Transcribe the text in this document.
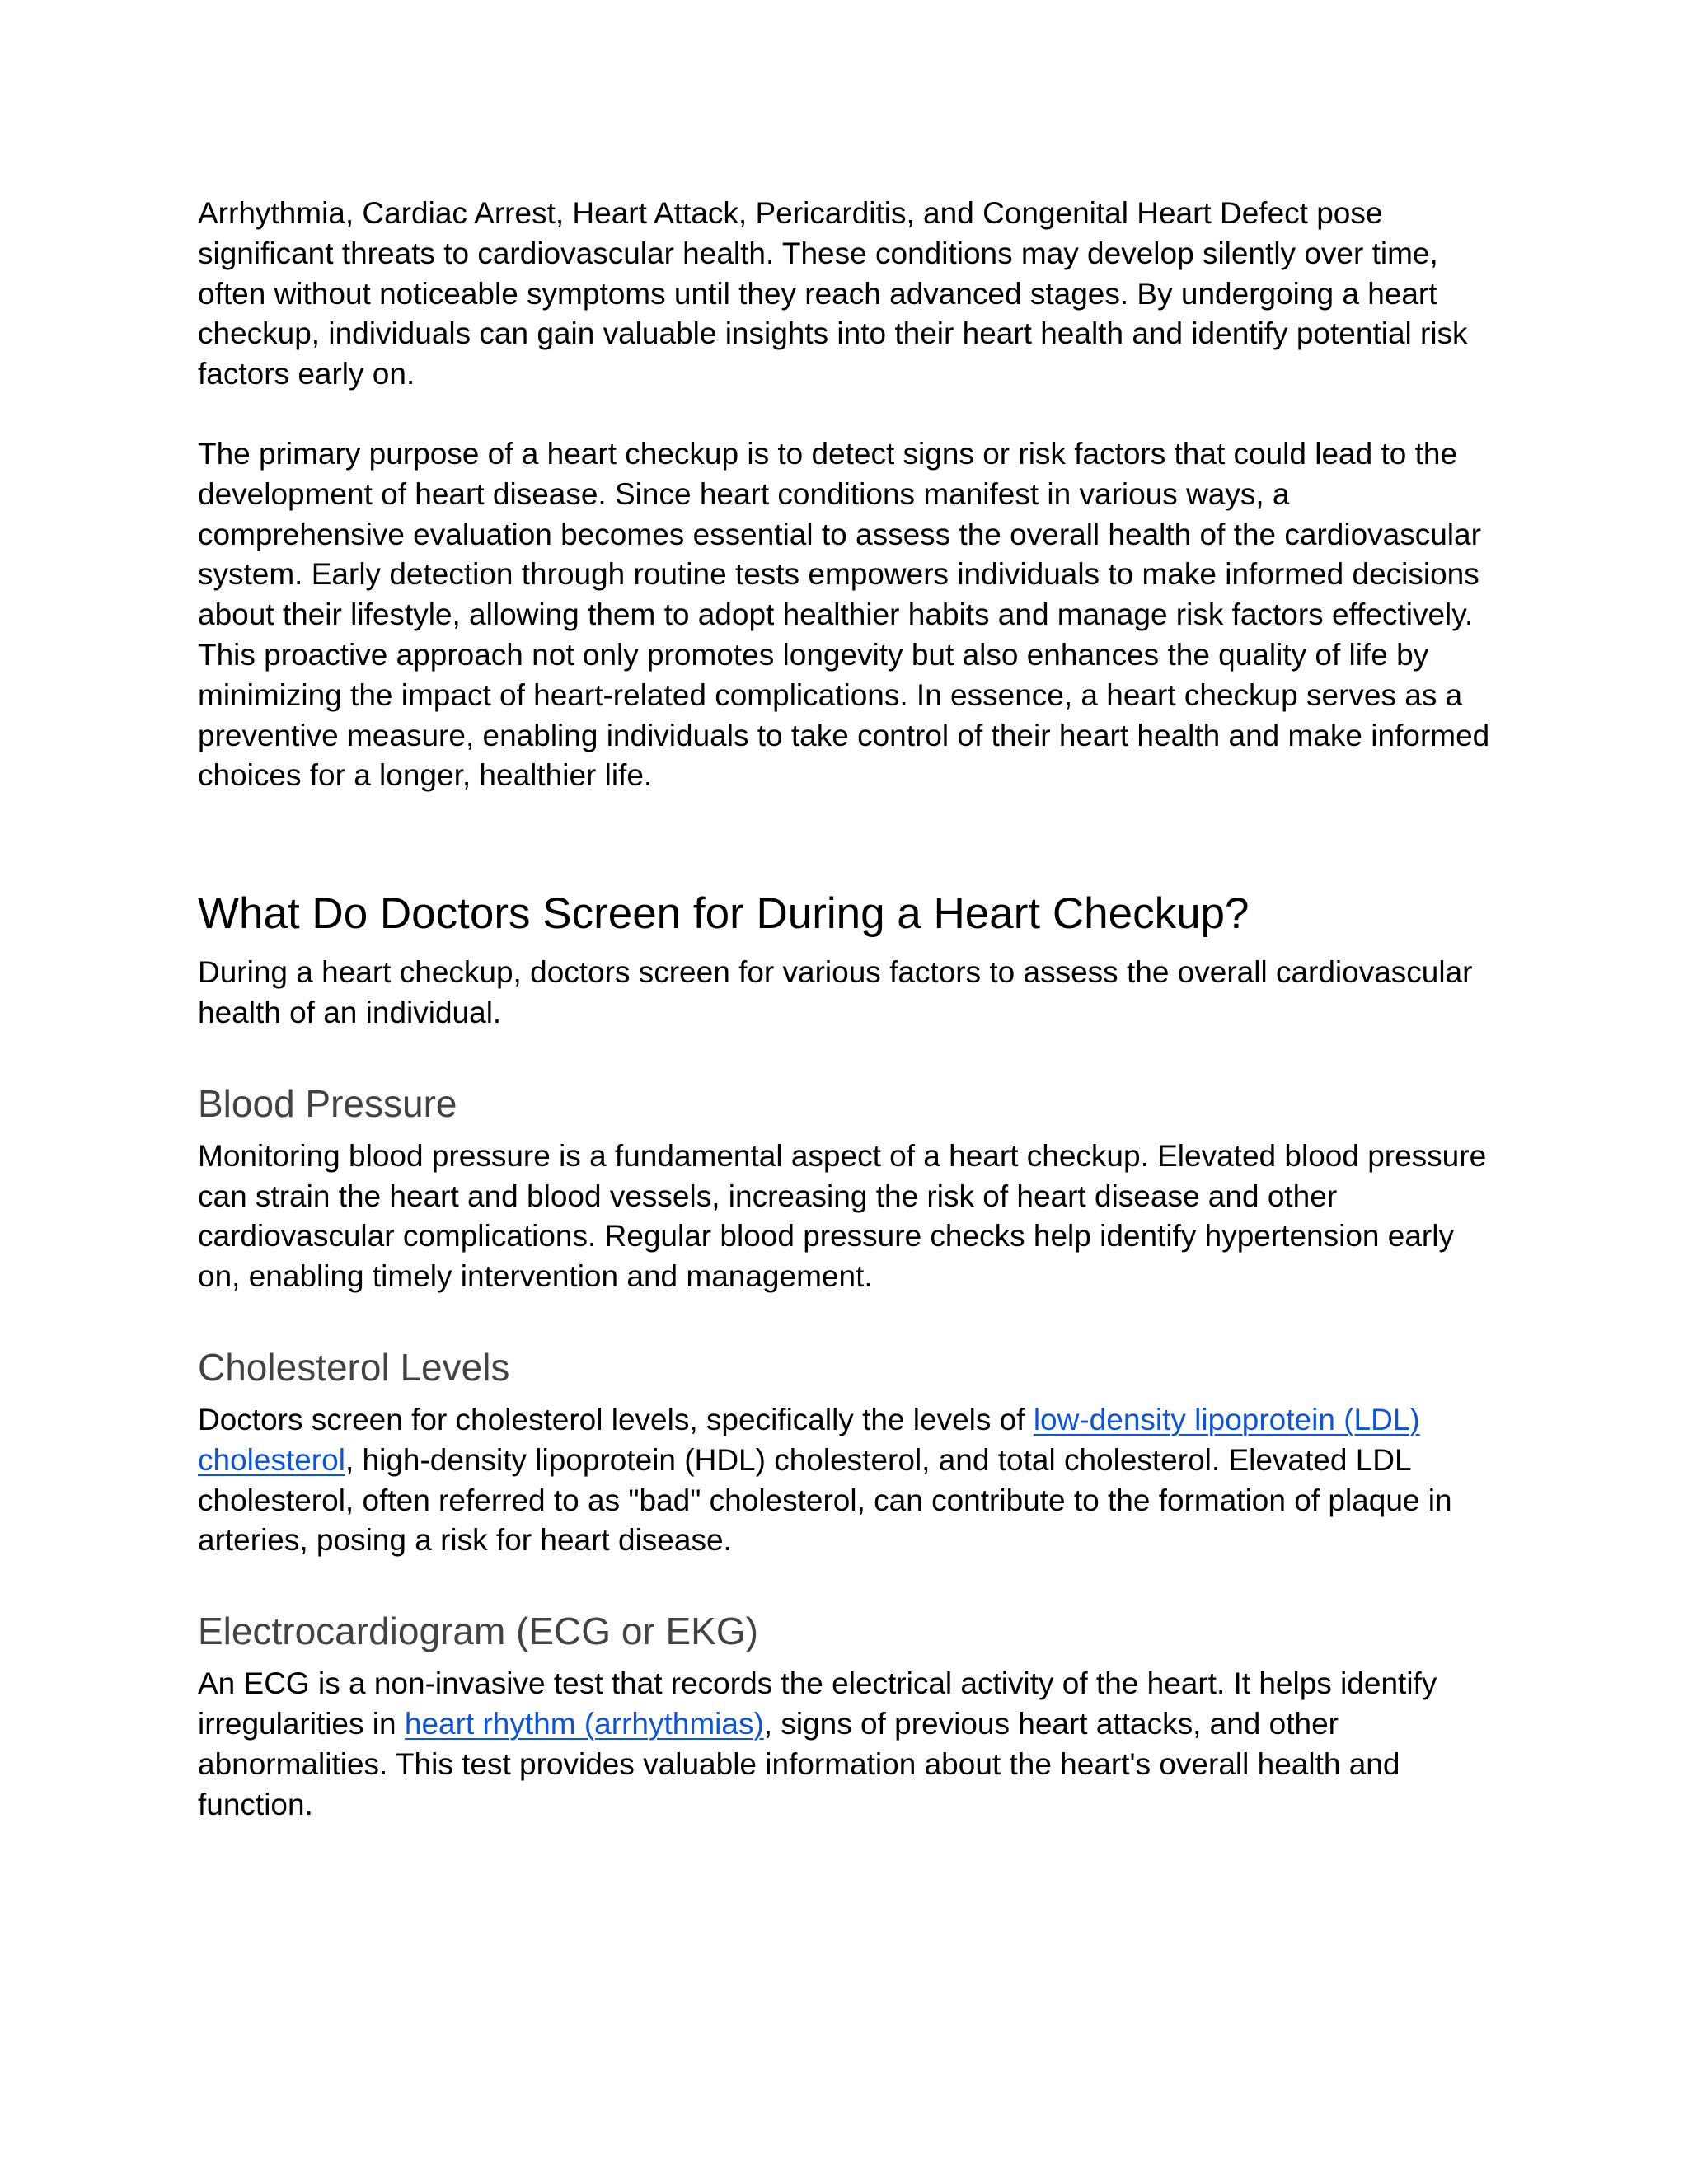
Arrhythmia, Cardiac Arrest, Heart Attack, Pericarditis, and Congenital Heart Defect pose significant threats to cardiovascular health. These conditions may develop silently over time, often without noticeable symptoms until they reach advanced stages. By undergoing a heart checkup, individuals can gain valuable insights into their heart health and identify potential risk factors early on.

The primary purpose of a heart checkup is to detect signs or risk factors that could lead to the development of heart disease. Since heart conditions manifest in various ways, a comprehensive evaluation becomes essential to assess the overall health of the cardiovascular system. Early detection through routine tests empowers individuals to make informed decisions about their lifestyle, allowing them to adopt healthier habits and manage risk factors effectively. This proactive approach not only promotes longevity but also enhances the quality of life by minimizing the impact of heart-related complications. In essence, a heart checkup serves as a preventive measure, enabling individuals to take control of their heart health and make informed choices for a longer, healthier life.

What Do Doctors Screen for During a Heart Checkup?

During a heart checkup, doctors screen for various factors to assess the overall cardiovascular health of an individual.

Blood Pressure

Monitoring blood pressure is a fundamental aspect of a heart checkup. Elevated blood pressure can strain the heart and blood vessels, increasing the risk of heart disease and other cardiovascular complications. Regular blood pressure checks help identify hypertension early on, enabling timely intervention and management.

Cholesterol Levels

Doctors screen for cholesterol levels, specifically the levels of low-density lipoprotein (LDL) cholesterol, high-density lipoprotein (HDL) cholesterol, and total cholesterol. Elevated LDL cholesterol, often referred to as "bad" cholesterol, can contribute to the formation of plaque in arteries, posing a risk for heart disease.

Electrocardiogram (ECG or EKG)

An ECG is a non-invasive test that records the electrical activity of the heart. It helps identify irregularities in heart rhythm (arrhythmias), signs of previous heart attacks, and other abnormalities. This test provides valuable information about the heart's overall health and function.
